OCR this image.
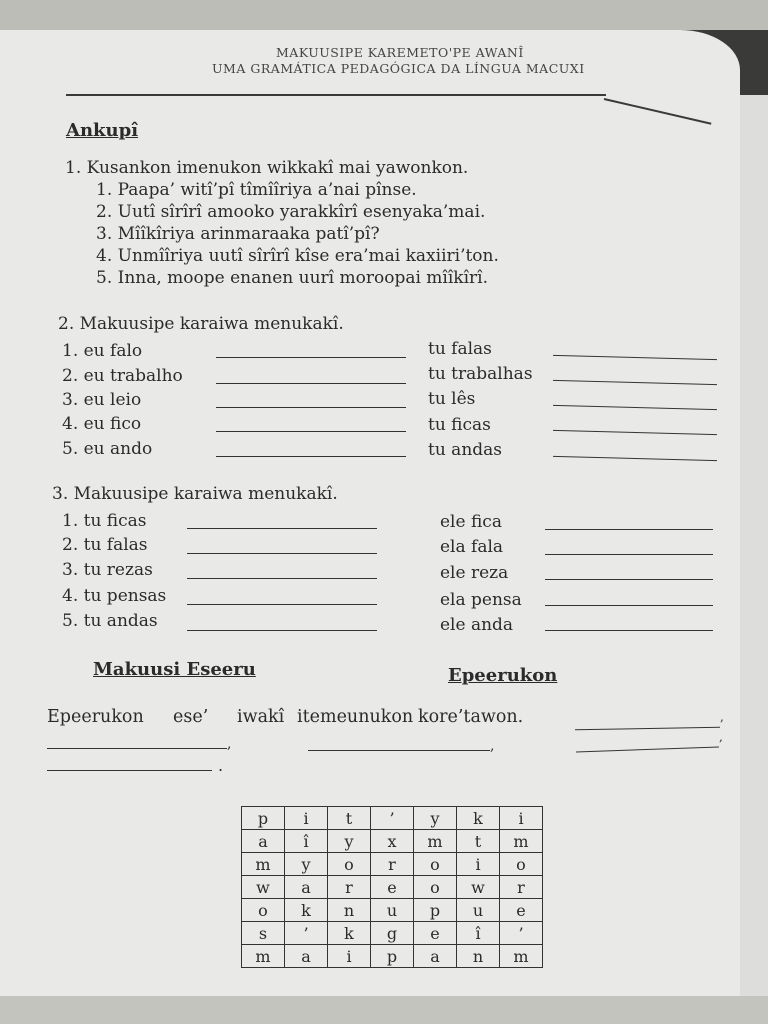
MAKUUSIPE KAREMETO'PE AWANÎ
UMA GRAMÁTICA PEDAGÓGICA DA LÍNGUA MACUXI
Ankupî
1. Kusankon imenukon wikkakî mai yawonkon.
1. Paapa’ witî’pî tîmîîriya a’nai pînse.
2. Uutî sîrîrî amooko yarakkîrî esenyaka’mai.
3. Mîîkîriya arinmaraaka patî’pî?
4. Unmîîriya uutî sîrîrî kîse era’mai kaxiiri’ton.
5. Inna, moope enanen uurî moroopai mîîkîrî.
2. Makuusipe karaiwa menukakî.
1. eu falo	tu falas
2. eu trabalho	tu trabalhas
3. eu leio	tu lês
4. eu fico	tu ficas
5. eu ando	tu andas
3. Makuusipe karaiwa menukakî.
1. tu ficas	ele fica
2. tu falas	ela fala
3. tu rezas	ele reza
4. tu pensas	ela pensa
5. tu andas	ele anda
Makuusi Eseeru	Epeerukon
Epeerukon ese’ iwakî itemeunukon kore’tawon.	,
,	,
,
.
p	i	t	’	y	k	i
a	î	y	x	m	t	m
m	y	o	r	o	i	o
w	a	r	e	o	w	r
o	k	n	u	p	u	e
s	’	k	g	e	î	’
m	a	i	p	a	n	m
